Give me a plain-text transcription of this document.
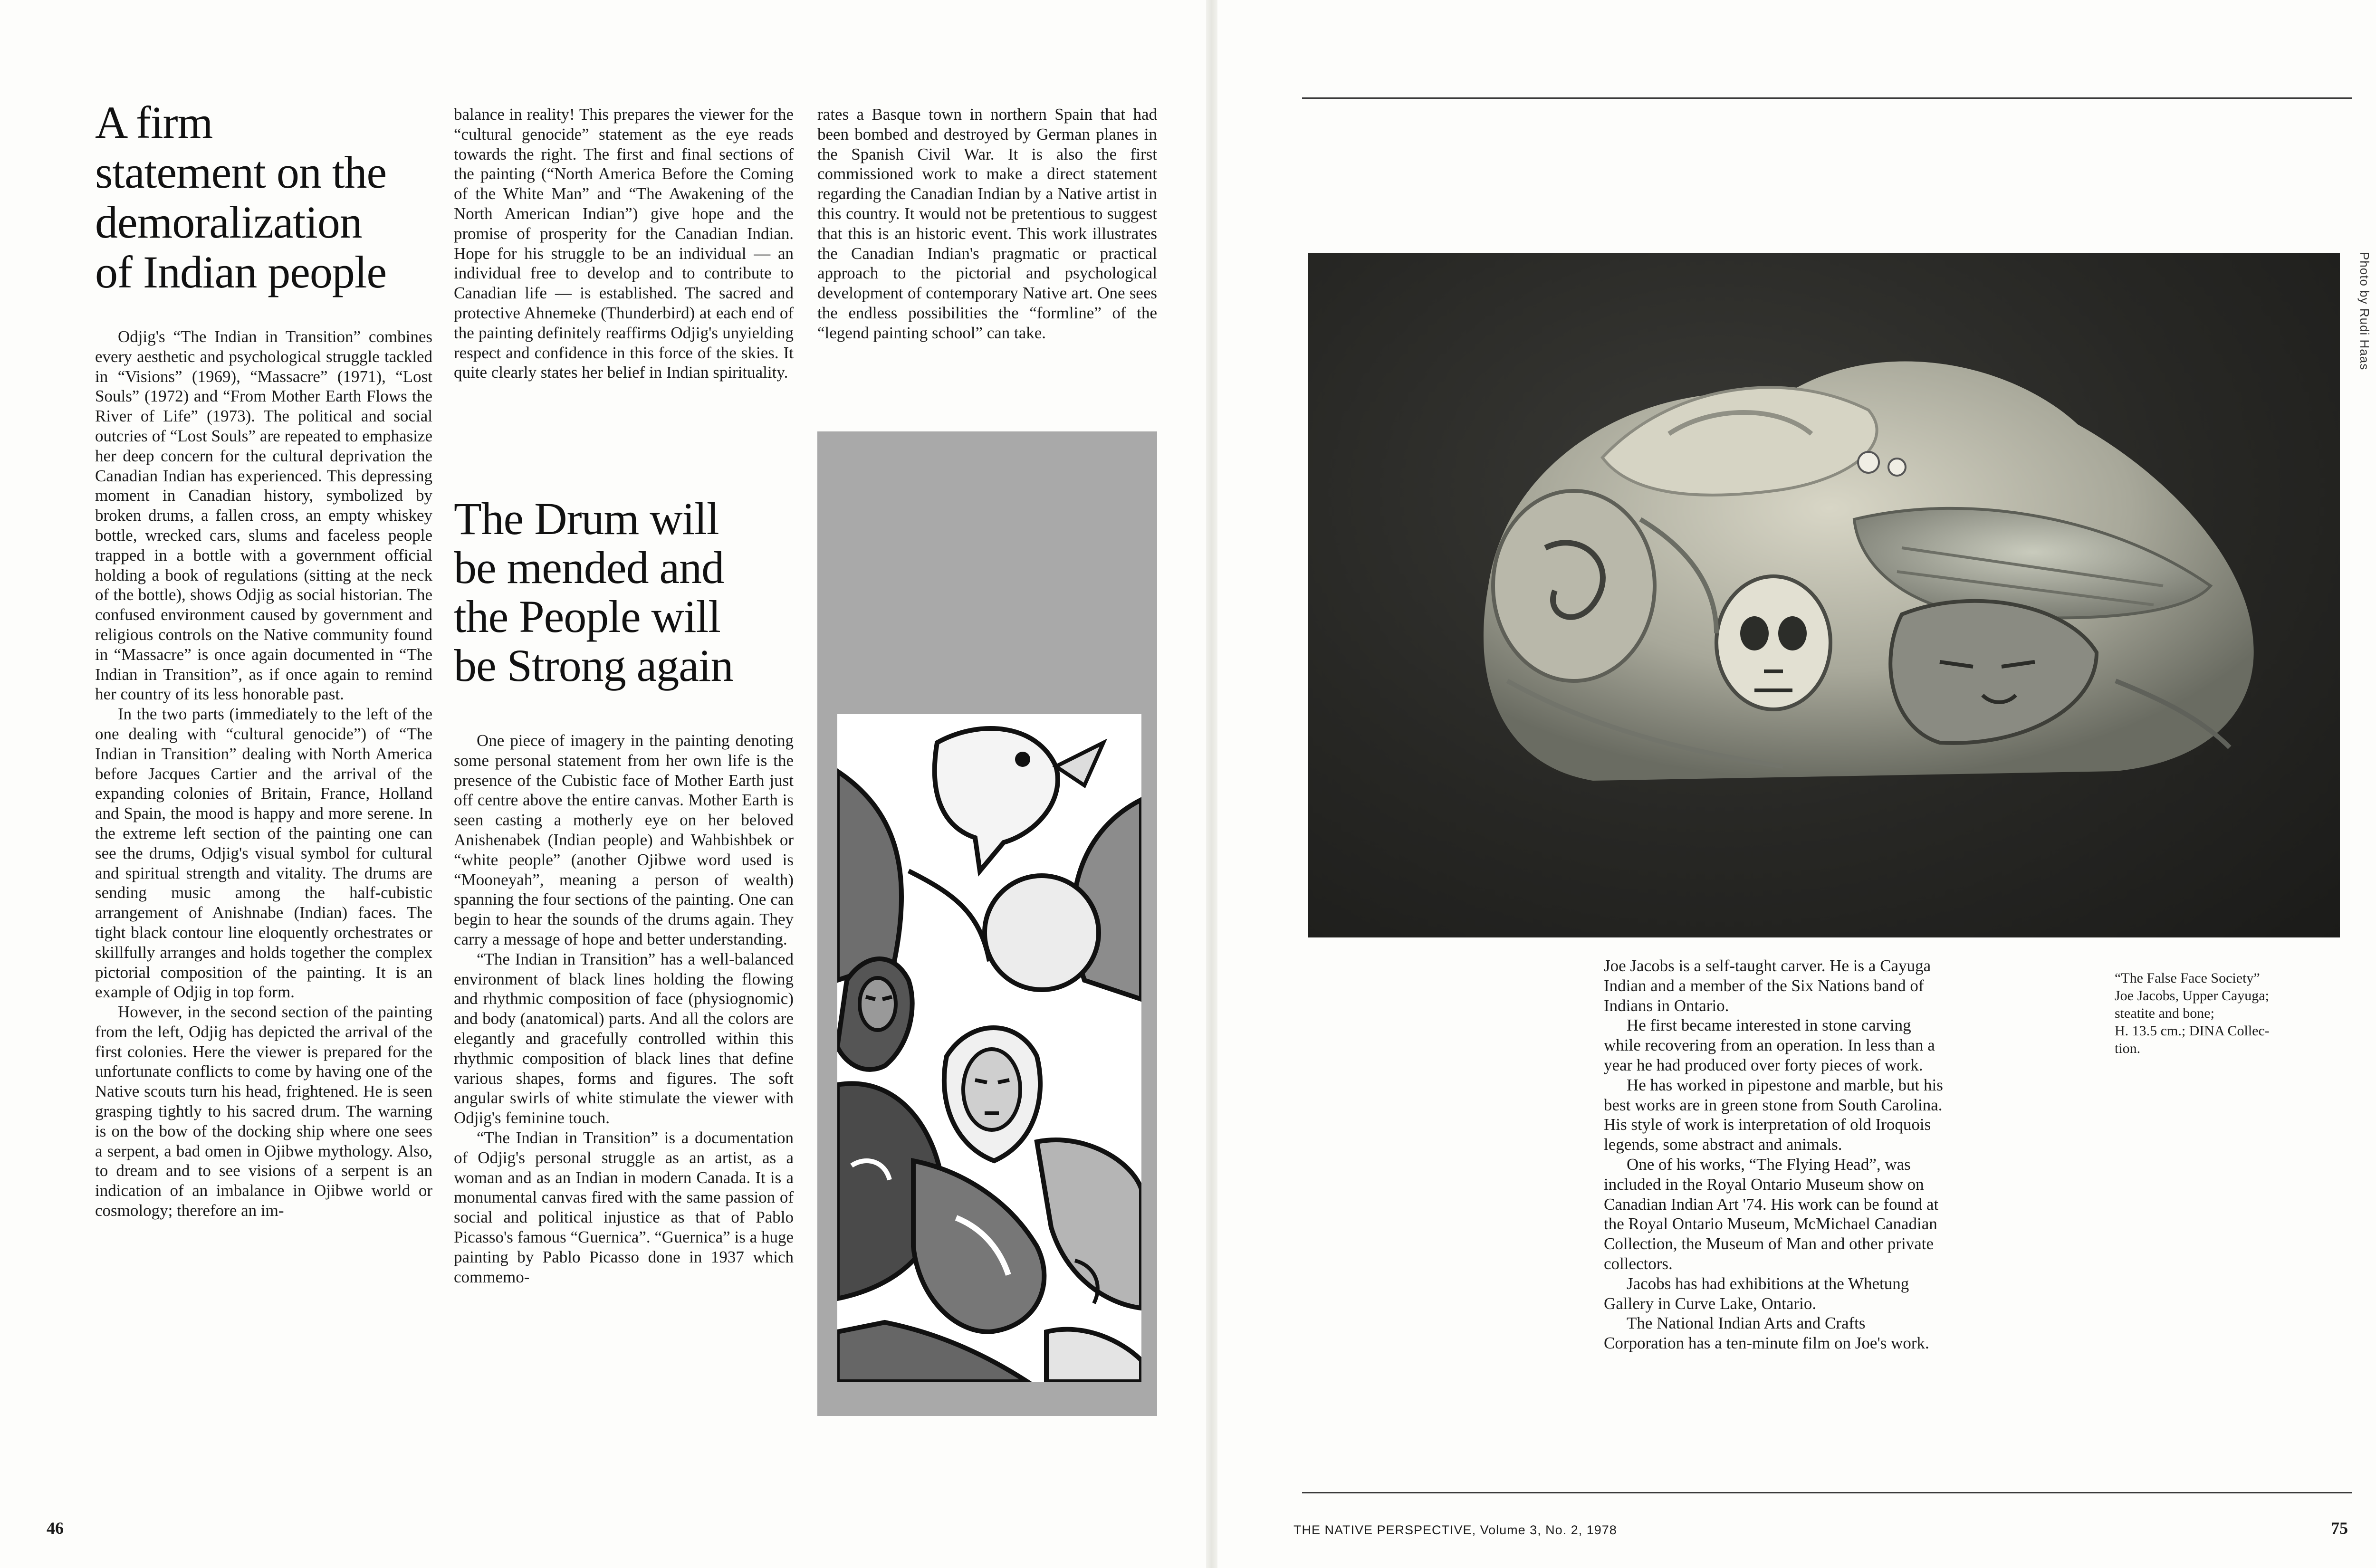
A firm
statement on the
demoralization
of Indian people

Odjig's “The Indian in Transition” combines every aesthetic and psychological struggle tackled in “Visions” (1969), “Massacre” (1971), “Lost Souls” (1972) and “From Mother Earth Flows the River of Life” (1973). The political and social outcries of “Lost Souls” are repeated to emphasize her deep concern for the cultural deprivation the Canadian Indian has experienced. This depressing moment in Canadian history, symbolized by broken drums, a fallen cross, an empty whiskey bottle, wrecked cars, slums and faceless people trapped in a bottle with a government official holding a book of regulations (sitting at the neck of the bottle), shows Odjig as social historian. The confused environment caused by government and religious controls on the Native community found in “Massacre” is once again documented in “The Indian in Transition”, as if once again to remind her country of its less honorable past.

In the two parts (immediately to the left of the one dealing with “cultural genocide”) of “The Indian in Transition” dealing with North America before Jacques Cartier and the arrival of the expanding colonies of Britain, France, Holland and Spain, the mood is happy and more serene. In the extreme left section of the painting one can see the drums, Odjig's visual symbol for cultural and spiritual strength and vitality. The drums are sending music among the half-cubistic arrangement of Anishnabe (Indian) faces. The tight black contour line eloquently orchestrates or skillfully arranges and holds together the complex pictorial composition of the painting. It is an example of Odjig in top form.

However, in the second section of the painting from the left, Odjig has depicted the arrival of the first colonies. Here the viewer is prepared for the unfortunate conflicts to come by having one of the Native scouts turn his head, frightened. He is seen grasping tightly to his sacred drum. The warning is on the bow of the docking ship where one sees a serpent, a bad omen in Ojibwe mythology. Also, to dream and to see visions of a serpent is an indication of an imbalance in Ojibwe world or cosmology; therefore an im-

balance in reality! This prepares the viewer for the “cultural genocide” statement as the eye reads towards the right. The first and final sections of the painting (“North America Before the Coming of the White Man” and “The Awakening of the North American Indian”) give hope and the promise of prosperity for the Canadian Indian. Hope for his struggle to be an individual — an individual free to develop and to contribute to Canadian life — is established. The sacred and protective Ahnemeke (Thunderbird) at each end of the painting definitely reaffirms Odjig's unyielding respect and confidence in this force of the skies. It quite clearly states her belief in Indian spirituality.

The Drum will
be mended and
the People will
be Strong again

One piece of imagery in the painting denoting some personal statement from her own life is the presence of the Cubistic face of Mother Earth just off centre above the entire canvas. Mother Earth is seen casting a motherly eye on her beloved Anishenabek (Indian people) and Wahbishbek or “white people” (another Ojibwe word used is “Mooneyah”, meaning a person of wealth) spanning the four sections of the painting. One can begin to hear the sounds of the drums again. They carry a message of hope and better understanding.

“The Indian in Transition” has a well-balanced environment of black lines holding the flowing and rhythmic composition of face (physiognomic) and body (anatomical) parts. And all the colors are elegantly and gracefully controlled within this rhythmic composition of black lines that define various shapes, forms and figures. The soft angular swirls of white stimulate the viewer with Odjig's feminine touch.

“The Indian in Transition” is a documentation of Odjig's personal struggle as an artist, as a woman and as an Indian in modern Canada. It is a monumental canvas fired with the same passion of social and political injustice as that of Pablo Picasso's famous “Guernica”. “Guernica” is a huge painting by Pablo Picasso done in 1937 which commemo-

rates a Basque town in northern Spain that had been bombed and destroyed by German planes in the Spanish Civil War. It is also the first commissioned work to make a direct statement regarding the Canadian Indian by a Native artist in this country. It would not be pretentious to suggest that this is an historic event. This work illustrates the Canadian Indian's pragmatic or practical approach to the pictorial and psychological development of contemporary Native art. One sees the endless possibilities the “formline” of the “legend painting school” can take.

46
Photo by Rudi Haas

Joe Jacobs is a self-taught carver. He is a Cayuga Indian and a member of the Six Nations band of Indians in Ontario.

He first became interested in stone carving while recovering from an operation. In less than a year he had produced over forty pieces of work.

He has worked in pipestone and marble, but his best works are in green stone from South Carolina. His style of work is interpretation of old Iroquois legends, some abstract and animals.

One of his works, “The Flying Head”, was included in the Royal Ontario Museum show on Canadian Indian Art '74. His work can be found at the Royal Ontario Museum, McMichael Canadian Collection, the Museum of Man and other private collectors.

Jacobs has had exhibitions at the Whetung Gallery in Curve Lake, Ontario.

The National Indian Arts and Crafts Corporation has a ten-minute film on Joe's work.

“The False Face Society”
Joe Jacobs, Upper Cayuga;
steatite and bone;
H. 13.5 cm.; DINA Collec-
tion.
THE NATIVE PERSPECTIVE, Volume 3, No. 2, 1978	75
